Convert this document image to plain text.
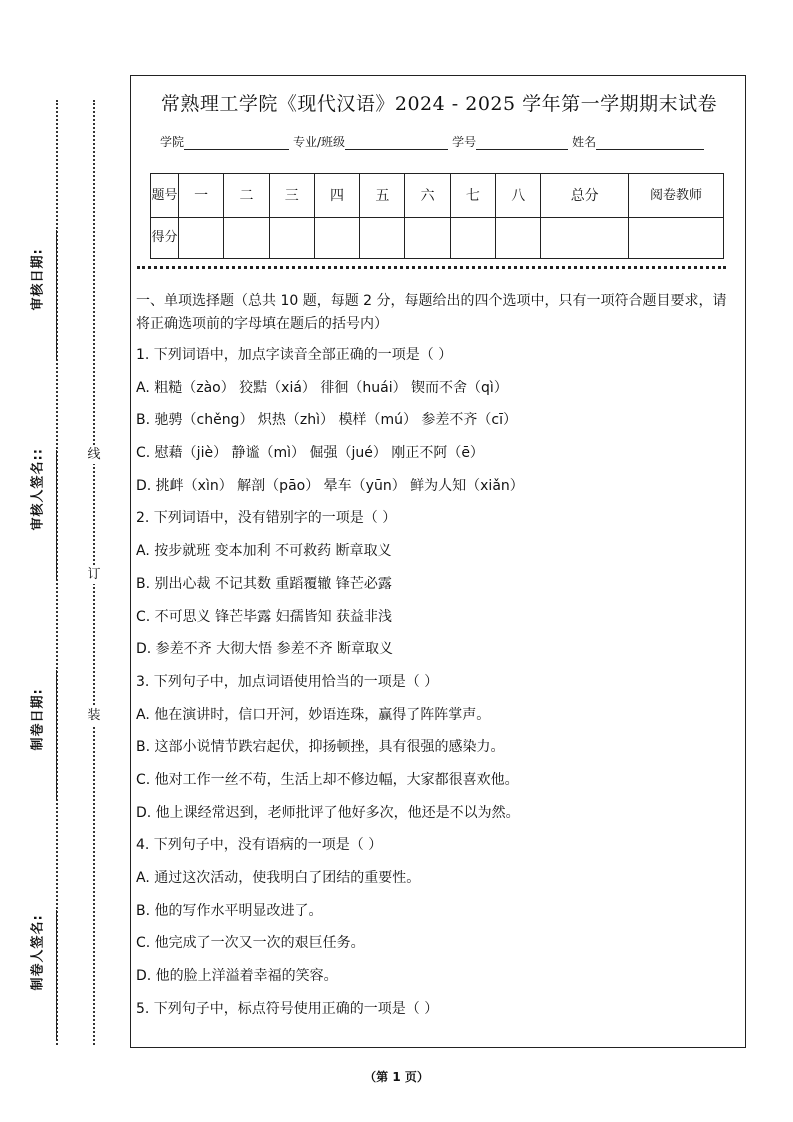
线
订
装
审核日期:
审核人签名::
制卷日期:
制卷人签名:
常熟理工学院《现代汉语》2024 - 2025 学年第一学期期末试卷
学院	专业/班级	学号	姓名
题号	一	二	三	四	五	六	七	八	总分	阅卷教师
得分										
一、单项选择题（总共 10 题，每题 2 分，每题给出的四个选项中，只有一项符合题目要求，请将正确选项前的字母填在题后的括号内）
1. 下列词语中，加点字读音全部正确的一项是（ ）
A. 粗糙（zào） 狡黠（xiá） 徘徊（huái） 锲而不舍（qì）
B. 驰骋（chěng） 炽热（zhì） 模样（mú） 参差不齐（cī）
C. 慰藉（jiè） 静谧（mì） 倔强（jué） 刚正不阿（ē）
D. 挑衅（xìn） 解剖（pāo） 晕车（yūn） 鲜为人知（xiǎn）
2. 下列词语中，没有错别字的一项是（ ）
A. 按步就班 变本加利 不可救药 断章取义
B. 别出心裁 不记其数 重蹈覆辙 锋芒必露
C. 不可思义 锋芒毕露 妇孺皆知 获益非浅
D. 参差不齐 大彻大悟 参差不齐 断章取义
3. 下列句子中，加点词语使用恰当的一项是（ ）
A. 他在演讲时，信口开河，妙语连珠，赢得了阵阵掌声。
B. 这部小说情节跌宕起伏，抑扬顿挫，具有很强的感染力。
C. 他对工作一丝不苟，生活上却不修边幅，大家都很喜欢他。
D. 他上课经常迟到，老师批评了他好多次，他还是不以为然。
4. 下列句子中，没有语病的一项是（ ）
A. 通过这次活动，使我明白了团结的重要性。
B. 他的写作水平明显改进了。
C. 他完成了一次又一次的艰巨任务。
D. 他的脸上洋溢着幸福的笑容。
5. 下列句子中，标点符号使用正确的一项是（ ）
（第 1 页）
